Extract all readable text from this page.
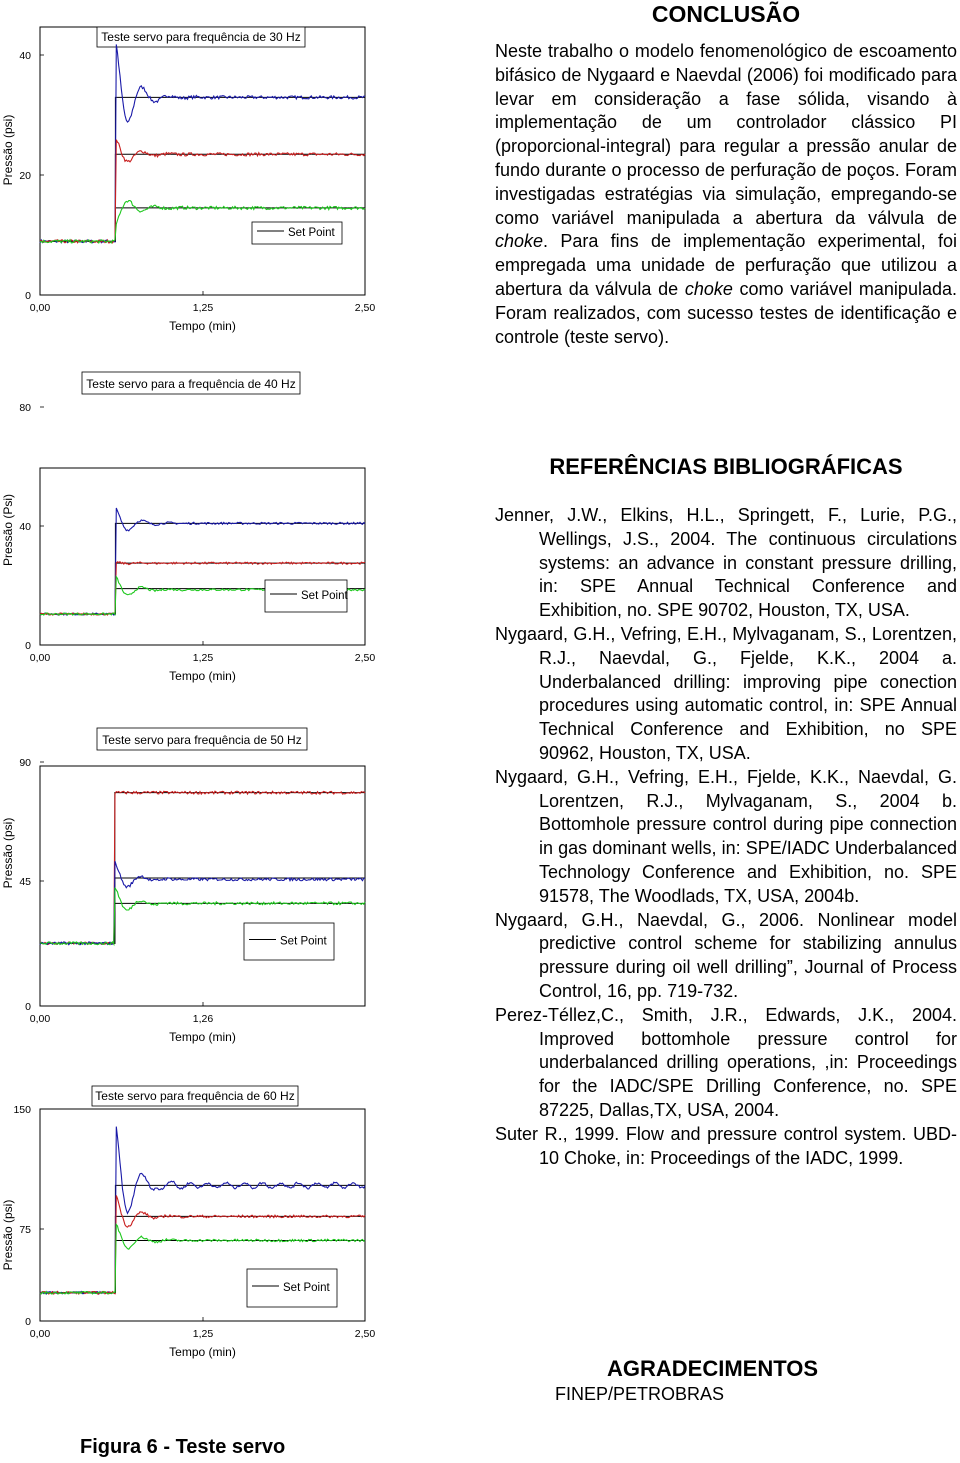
Teste servo para frequência de 30 Hz
0
20
40
0,00	1,25	2,50
Tempo (min)
Pressão (psi)
Set Point
Teste servo para a frequência de 40 Hz
0
40
80
0,00	1,25	2,50
Tempo (min)
Pressão (Psi)
Set Point
Teste servo para frequência de 50 Hz
0
45
90
0,00	1,26
Tempo (min)
Pressão (psi)
Set Point
Teste servo para frequência de 60 Hz
0
75
150
0,00	1,25	2,50
Tempo (min)
Pressão (psi)
Set Point
Figura 6 - Teste servo
CONCLUSÃO

Neste trabalho o modelo fenomenológico de escoamento bifásico de Nygaard e Naevdal (2006) foi modificado para levar em consideração a fase sólida, visando à implementação de um controlador clássico PI (proporcional-integral) para regular a pressão anular de fundo durante o processo de perfuração de poços. Foram investigadas estratégias via simulação, empregando-se como variável manipulada a abertura da válvula de choke. Para fins de implementação experimental, foi empregada uma unidade de perfuração que utilizou a abertura da válvula de choke como variável manipulada. Foram realizados, com sucesso testes de identificação e controle (teste servo).

REFERÊNCIAS BIBLIOGRÁFICAS

Jenner, J.W., Elkins, H.L., Springett, F., Lurie, P.G., Wellings, J.S., 2004. The continuous circulations systems: an advance in constant pressure drilling, in: SPE Annual Technical Conference and Exhibition, no. SPE 90702, Houston, TX, USA.

Nygaard, G.H., Vefring, E.H., Mylvaganam, S., Lorentzen, R.J., Naevdal, G., Fjelde, K.K., 2004 a. Underbalanced drilling: improving pipe conection procedures using automatic control, in: SPE Annual Technical Conference and Exhibition, no SPE 90962, Houston, TX, USA.

Nygaard, G.H., Vefring, E.H., Fjelde, K.K., Naevdal, G. Lorentzen, R.J., Mylvaganam, S., 2004 b. Bottomhole pressure control during pipe connection in gas dominant wells, in: SPE/IADC Underbalanced Technology Conference and Exhibition, no. SPE 91578, The Woodlads, TX, USA, 2004b.

Nygaard, G.H., Naevdal, G., 2006. Nonlinear model predictive control scheme for stabilizing annulus pressure during oil well drilling”, Journal of Process Control, 16, pp. 719-732.

Perez-Téllez,C., Smith, J.R., Edwards, J.K., 2004. Improved bottomhole pressure control for underbalanced drilling operations, ,in: Proceedings for the IADC/SPE Drilling Conference, no. SPE 87225, Dallas,TX, USA, 2004.

Suter R., 1999. Flow and pressure control system. UBD-10 Choke, in: Proceedings of the IADC, 1999.

AGRADECIMENTOS
FINEP/PETROBRAS
